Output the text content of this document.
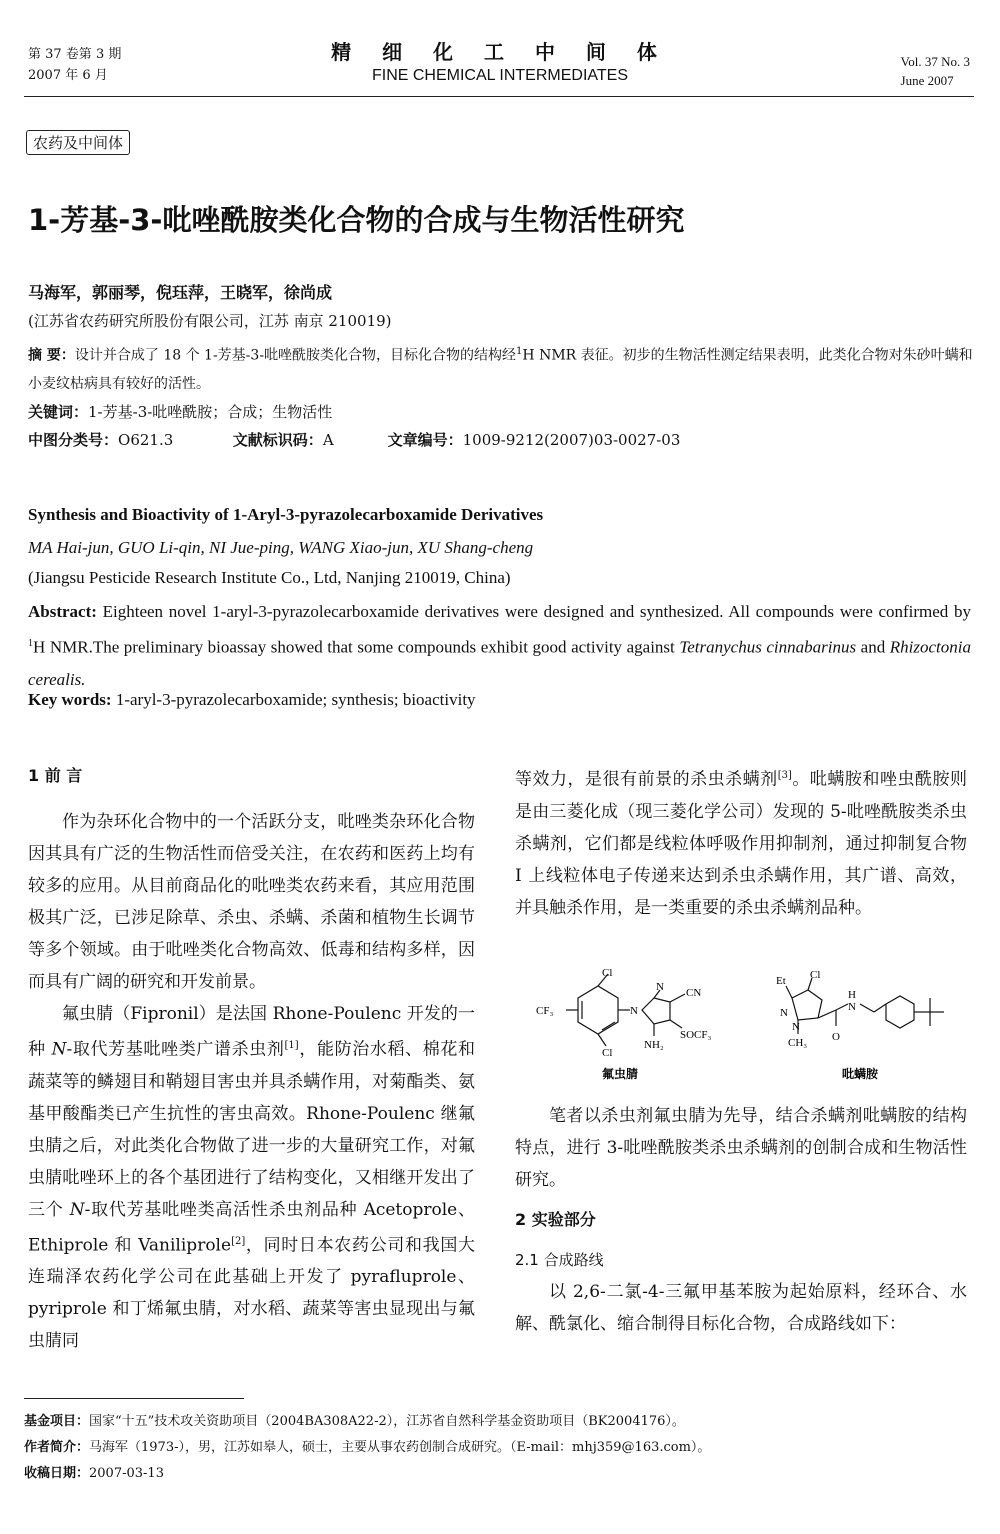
第 37 卷第 3 期
2007 年 6 月
精 细 化 工 中 间 体
FINE CHEMICAL INTERMEDIATES
Vol. 37 No. 3
June 2007
农药及中间体
1-芳基-3-吡唑酰胺类化合物的合成与生物活性研究
马海军，郭丽琴，倪珏萍，王晓军，徐尚成
(江苏省农药研究所股份有限公司，江苏 南京 210019)
摘 要：设计并合成了 18 个 1-芳基-3-吡唑酰胺类化合物，目标化合物的结构经$^1$H NMR 表征。初步的生物活性测定结果表明，此类化合物对朱砂叶螨和小麦纹枯病具有较好的活性。
关键词：1-芳基-3-吡唑酰胺；合成；生物活性
中图分类号：O621.3	文献标识码：A	文章编号：1009-9212(2007)03-0027-03
Synthesis and Bioactivity of 1-Aryl-3-pyrazolecarboxamide Derivatives
MA Hai-jun, GUO Li-qin, NI Jue-ping, WANG Xiao-jun, XU Shang-cheng
(Jiangsu Pesticide Research Institute Co., Ltd, Nanjing 210019, China)
Abstract: Eighteen novel 1-aryl-3-pyrazolecarboxamide derivatives were designed and synthesized. All compounds were confirmed by $^1$H NMR.The preliminary bioassay showed that some compounds exhibit good activity against Tetranychus cinnabarinus and Rhizoctonia cerealis.
Key words: 1-aryl-3-pyrazolecarboxamide; synthesis; bioactivity
1 前 言

作为杂环化合物中的一个活跃分支，吡唑类杂环化合物因其具有广泛的生物活性而倍受关注，在农药和医药上均有较多的应用。从目前商品化的吡唑类农药来看，其应用范围极其广泛，已涉足除草、杀虫、杀螨、杀菌和植物生长调节等多个领域。由于吡唑类化合物高效、低毒和结构多样，因而具有广阔的研究和开发前景。

氟虫腈（Fipronil）是法国 Rhone-Poulenc 开发的一种 N-取代芳基吡唑类广谱杀虫剂[1]，能防治水稻、棉花和蔬菜等的鳞翅目和鞘翅目害虫并具杀螨作用，对菊酯类、氨基甲酸酯类已产生抗性的害虫高效。Rhone-Poulenc 继氟虫腈之后，对此类化合物做了进一步的大量研究工作，对氟虫腈吡唑环上的各个基团进行了结构变化，又相继开发出了三个 N-取代芳基吡唑类高活性杀虫剂品种 Acetoprole、Ethiprole 和 Vaniliprole[2]，同时日本农药公司和我国大连瑞泽农药化学公司在此基础上开发了 pyrafluprole、pyriprole 和丁烯氟虫腈，对水稻、蔬菜等害虫显现出与氟虫腈同

等效力，是很有前景的杀虫杀螨剂[3]。吡螨胺和唑虫酰胺则是由三菱化成（现三菱化学公司）发现的 5-吡唑酰胺类杀虫杀螨剂，它们都是线粒体呼吸作用抑制剂，通过抑制复合物 Ⅰ 上线粒体电子传递来达到杀虫杀螨作用，其广谱、高效，并具触杀作用，是一类重要的杀虫杀螨剂品种。

Cl
Cl
CF₃	N
N CN
SOCF₃
NH₂
Et Cl
N
N
CH₃ O
H
N
氟虫腈	吡螨胺

笔者以杀虫剂氟虫腈为先导，结合杀螨剂吡螨胺的结构特点，进行 3-吡唑酰胺类杀虫杀螨剂的创制合成和生物活性研究。

2 实验部分
2.1 合成路线

以 2,6-二氯-4-三氟甲基苯胺为起始原料，经环合、水解、酰氯化、缩合制得目标化合物，合成路线如下：

基金项目：国家“十五”技术攻关资助项目（2004BA308A22-2），江苏省自然科学基金资助项目（BK2004176）。
作者简介：马海军（1973-），男，江苏如皋人，硕士，主要从事农药创制合成研究。（E-mail：mhj359@163.com）。
收稿日期：2007-03-13
